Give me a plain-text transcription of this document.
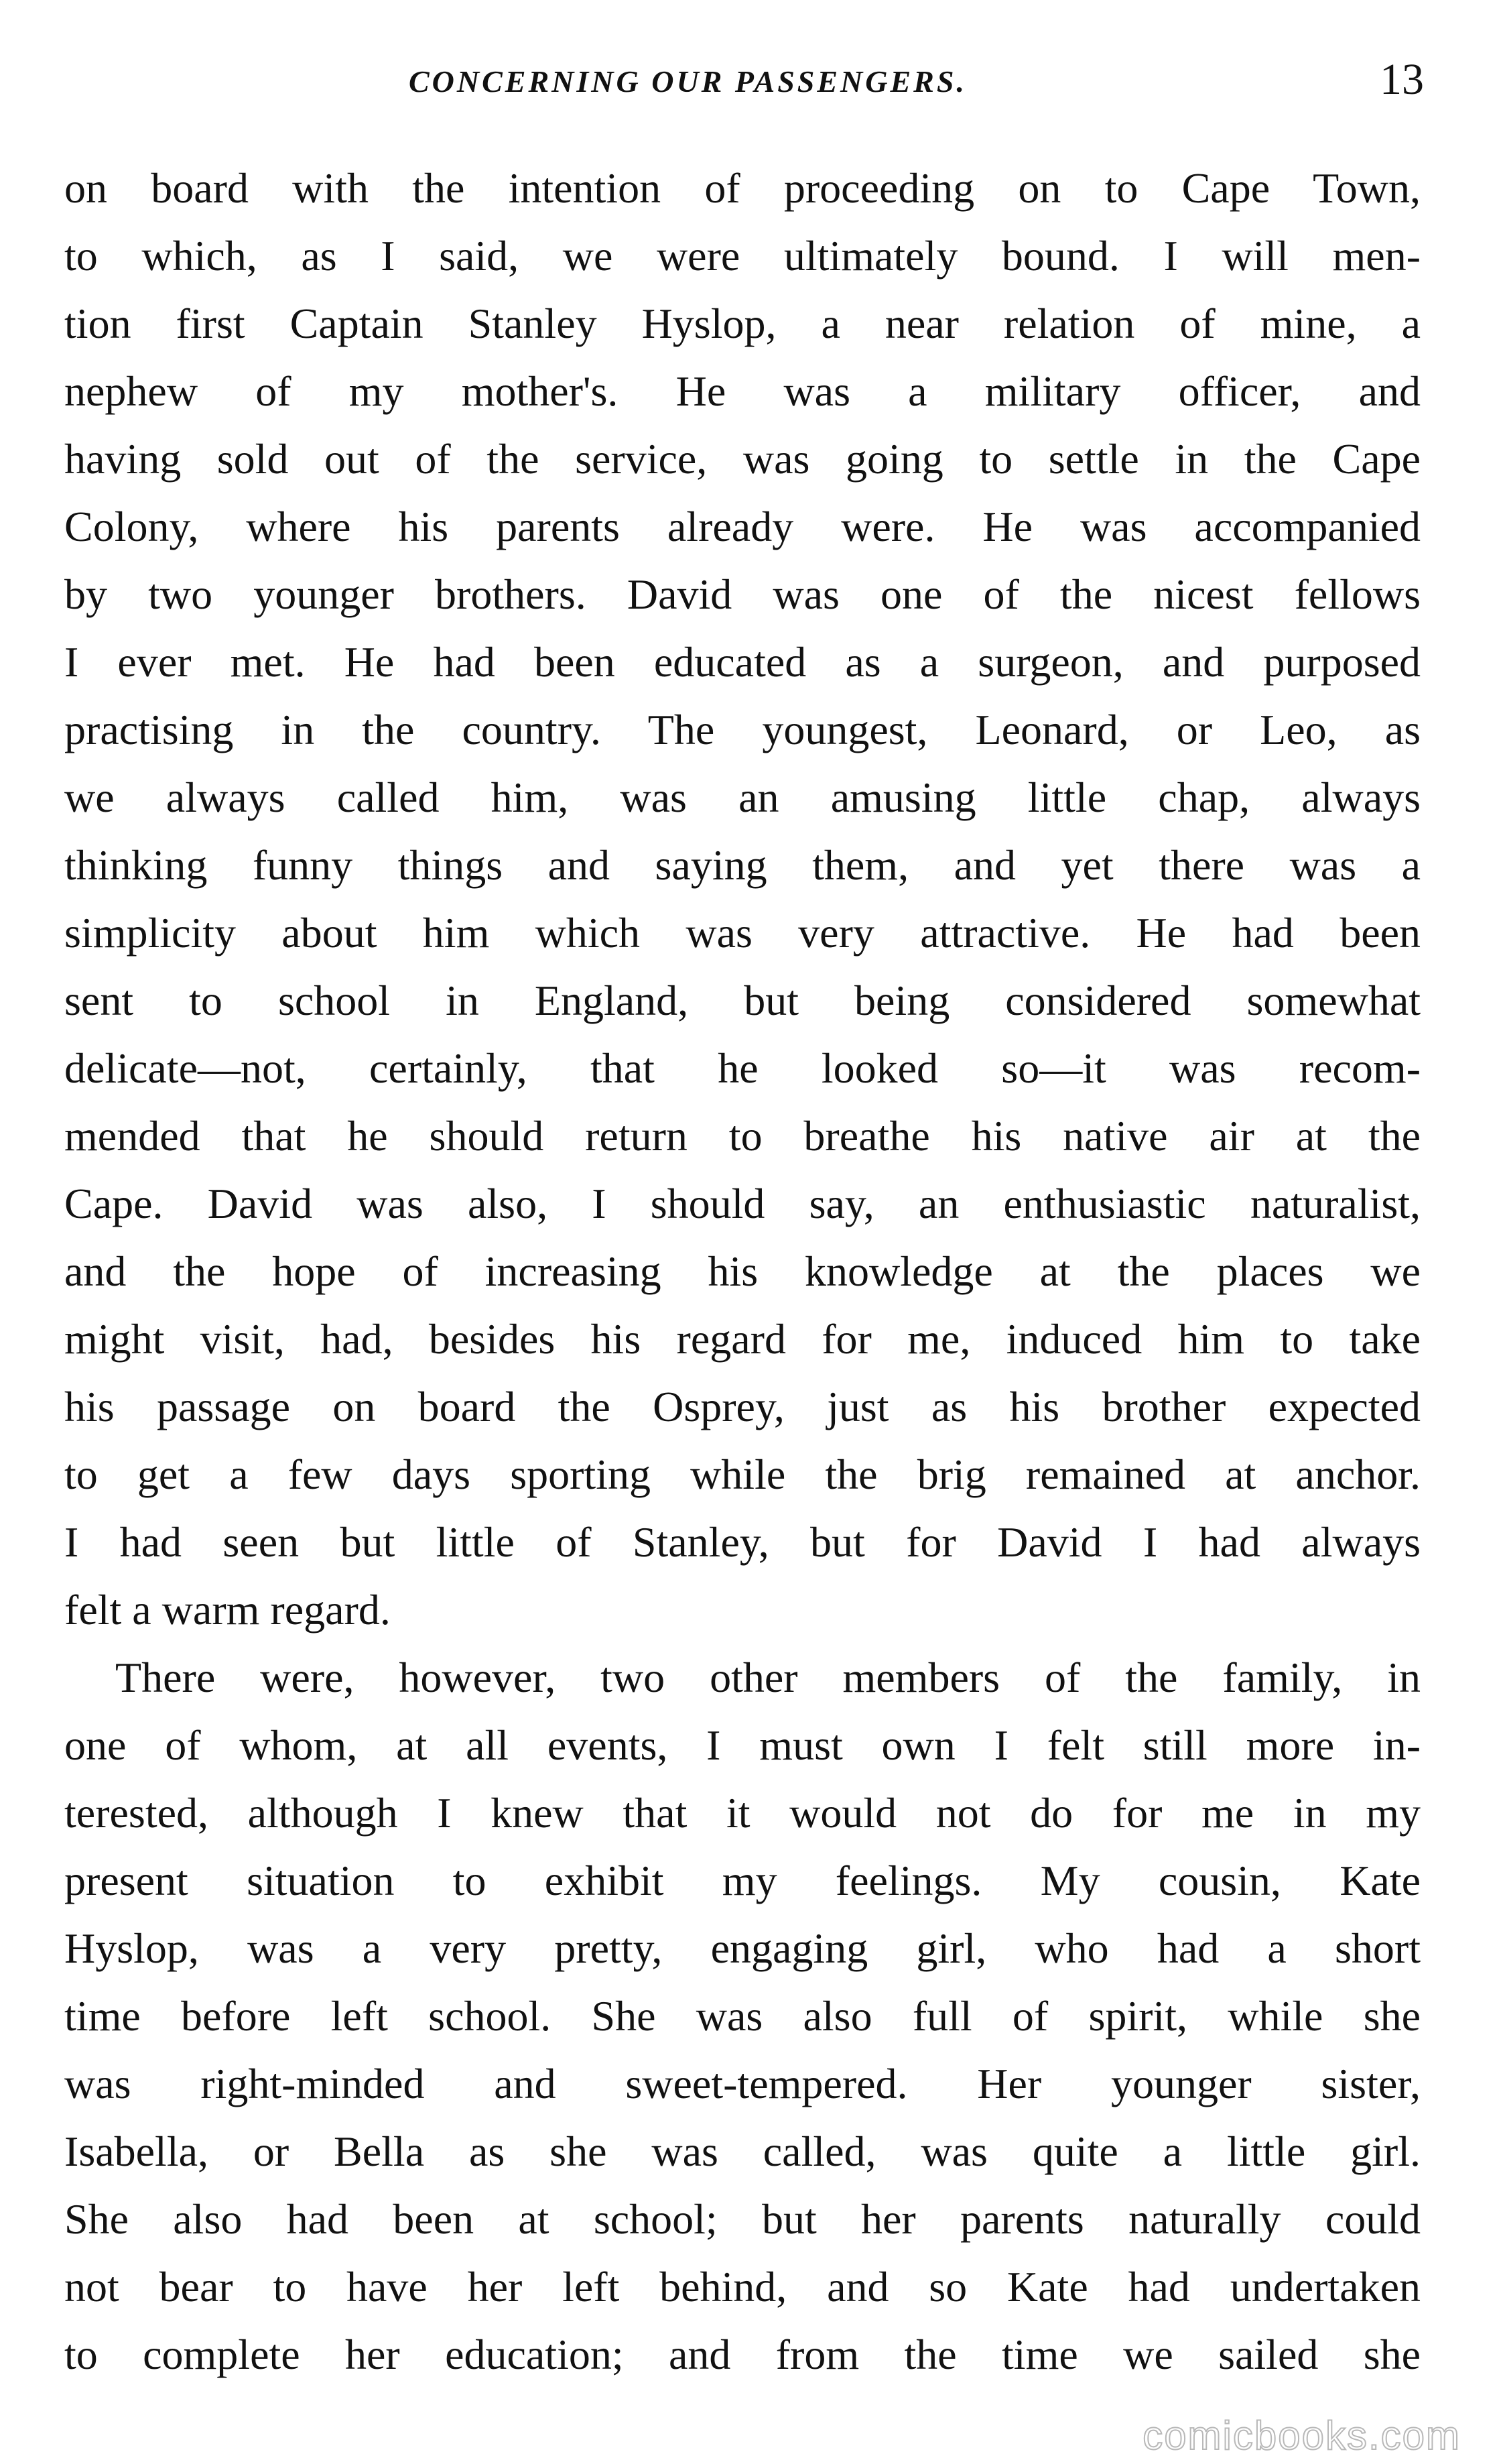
CONCERNING OUR PASSENGERS.	13
on board with the intention of proceeding on to Cape Town,
to which, as I said, we were ultimately bound. I will men-
tion first Captain Stanley Hyslop, a near relation of mine, a
nephew of my mother's. He was a military officer, and
having sold out of the service, was going to settle in the Cape
Colony, where his parents already were. He was accompanied
by two younger brothers. David was one of the nicest fellows
I ever met. He had been educated as a surgeon, and purposed
practising in the country. The youngest, Leonard, or Leo, as
we always called him, was an amusing little chap, always
thinking funny things and saying them, and yet there was a
simplicity about him which was very attractive. He had been
sent to school in England, but being considered somewhat
delicate—not, certainly, that he looked so—it was recom-
mended that he should return to breathe his native air at the
Cape. David was also, I should say, an enthusiastic naturalist,
and the hope of increasing his knowledge at the places we
might visit, had, besides his regard for me, induced him to take
his passage on board the Osprey, just as his brother expected
to get a few days sporting while the brig remained at anchor.
I had seen but little of Stanley, but for David I had always
felt a warm regard.
There were, however, two other members of the family, in
one of whom, at all events, I must own I felt still more in-
terested, although I knew that it would not do for me in my
present situation to exhibit my feelings. My cousin, Kate
Hyslop, was a very pretty, engaging girl, who had a short
time before left school. She was also full of spirit, while she
was right-minded and sweet-tempered. Her younger sister,
Isabella, or Bella as she was called, was quite a little girl.
She also had been at school; but her parents naturally could
not bear to have her left behind, and so Kate had undertaken
to complete her education; and from the time we sailed she
comicbooks.com
